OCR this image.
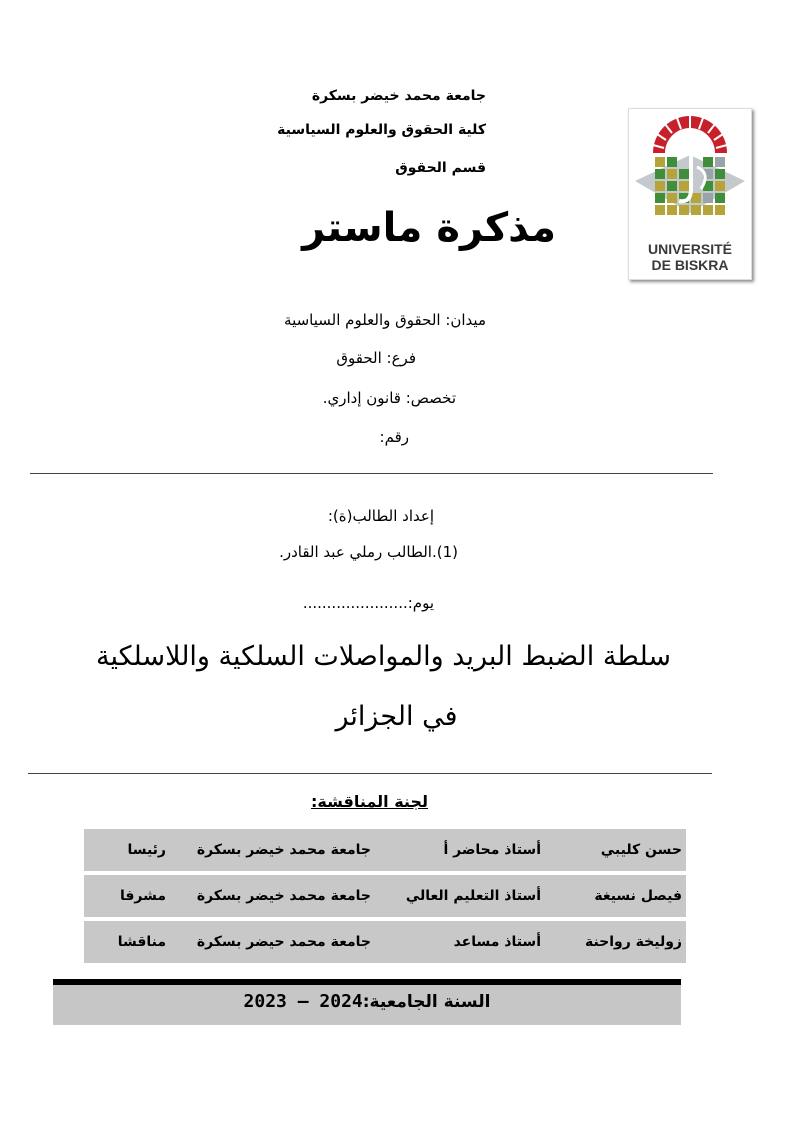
جامعة محمد خيضر بسكرة
كلية الحقوق والعلوم السياسية
قسم الحقوق
مذكرة ماستر	UNIVERSITÉ
DE BISKRA
ميدان: الحقوق والعلوم السياسية
فرع: الحقوق
تخصص: قانون إداري.
رقم:
إعداد الطالب(ة):
(1).الطالب رملي عبد القادر.
يوم:......................
سلطة الضبط البريد والمواصلات السلكية واللاسلكية
في الجزائر
لجنة المناقشة:
حسن كليبي
أستاذ محاضر أ
جامعة محمد خيضر بسكرة
رئيسا
فيصل نسيغة
أستاذ التعليم العالي
جامعة محمد خيضر بسكرة
مشرفا
زوليخة رواحنة
أستاذ مساعد
جامعة محمد حيضر بسكرة
مناقشا
السنة الجامعية:2023 – 2024
